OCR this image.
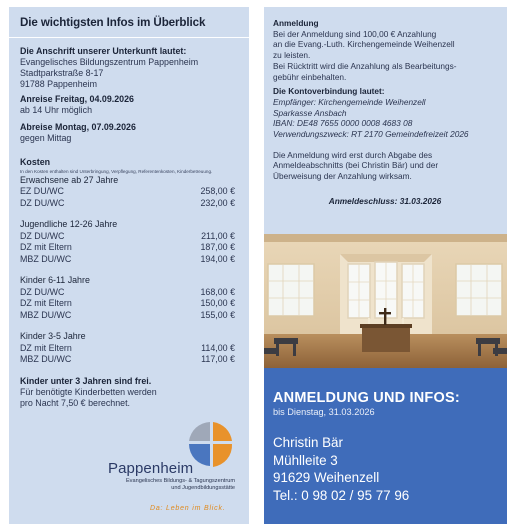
Die wichtigsten Infos im Überblick
Die Anschrift unserer Unterkunft lautet:
Evangelisches Bildungszentrum Pappenheim
Stadtparkstraße 8-17
91788 Pappenheim
Anreise Freitag, 04.09.2026
ab 14 Uhr möglich
Abreise Montag, 07.09.2026
gegen Mittag
Kosten
In den Kosten enthalten sind Unterbringung, Verpflegung, Referentenkosten, Kinderbetreuung.
Erwachsene ab 27 Jahre
EZ DU/WC	258,00 €
DZ DU/WC	232,00 €
Jugendliche 12-26 Jahre
DZ DU/WC	211,00 €
DZ mit Eltern	187,00 €
MBZ DU/WC	194,00 €
Kinder 6-11 Jahre
DZ DU/WC	168,00 €
DZ mit Eltern	150,00 €
MBZ DU/WC	155,00 €
Kinder 3-5 Jahre
DZ mit Eltern	114,00 €
MBZ DU/WC	117,00 €
Kinder unter 3 Jahren sind frei.
Für benötigte Kinderbetten werden
pro Nacht 7,50 € berechnet.
Pappenheim
Evangelisches Bildungs- & Tagungszentrum
und Jugendbildungsstätte
Da: Leben im Blick.
Anmeldung
Bei der Anmeldung sind 100,00 € Anzahlung
an die Evang.-Luth. Kirchengemeinde Weihenzell
zu leisten.
Bei Rücktritt wird die Anzahlung als Bearbeitungs-
gebühr einbehalten.
Die Kontoverbindung lautet:
Empfänger: Kirchengemeinde Weihenzell
Sparkasse Ansbach
IBAN: DE48 7655 0000 0008 4683 08
Verwendungszweck: RT 2170 Gemeindefreizeit 2026
Die Anmeldung wird erst durch Abgabe des
Anmeldeabschnitts (bei Christin Bär) und der
Überweisung der Anzahlung wirksam.
Anmeldeschluss: 31.03.2026
ANMELDUNG UND INFOS:
bis Dienstag, 31.03.2026
Christin Bär
Mühlleite 3
91629 Weihenzell
Tel.: 0 98 02 / 95 77 96
